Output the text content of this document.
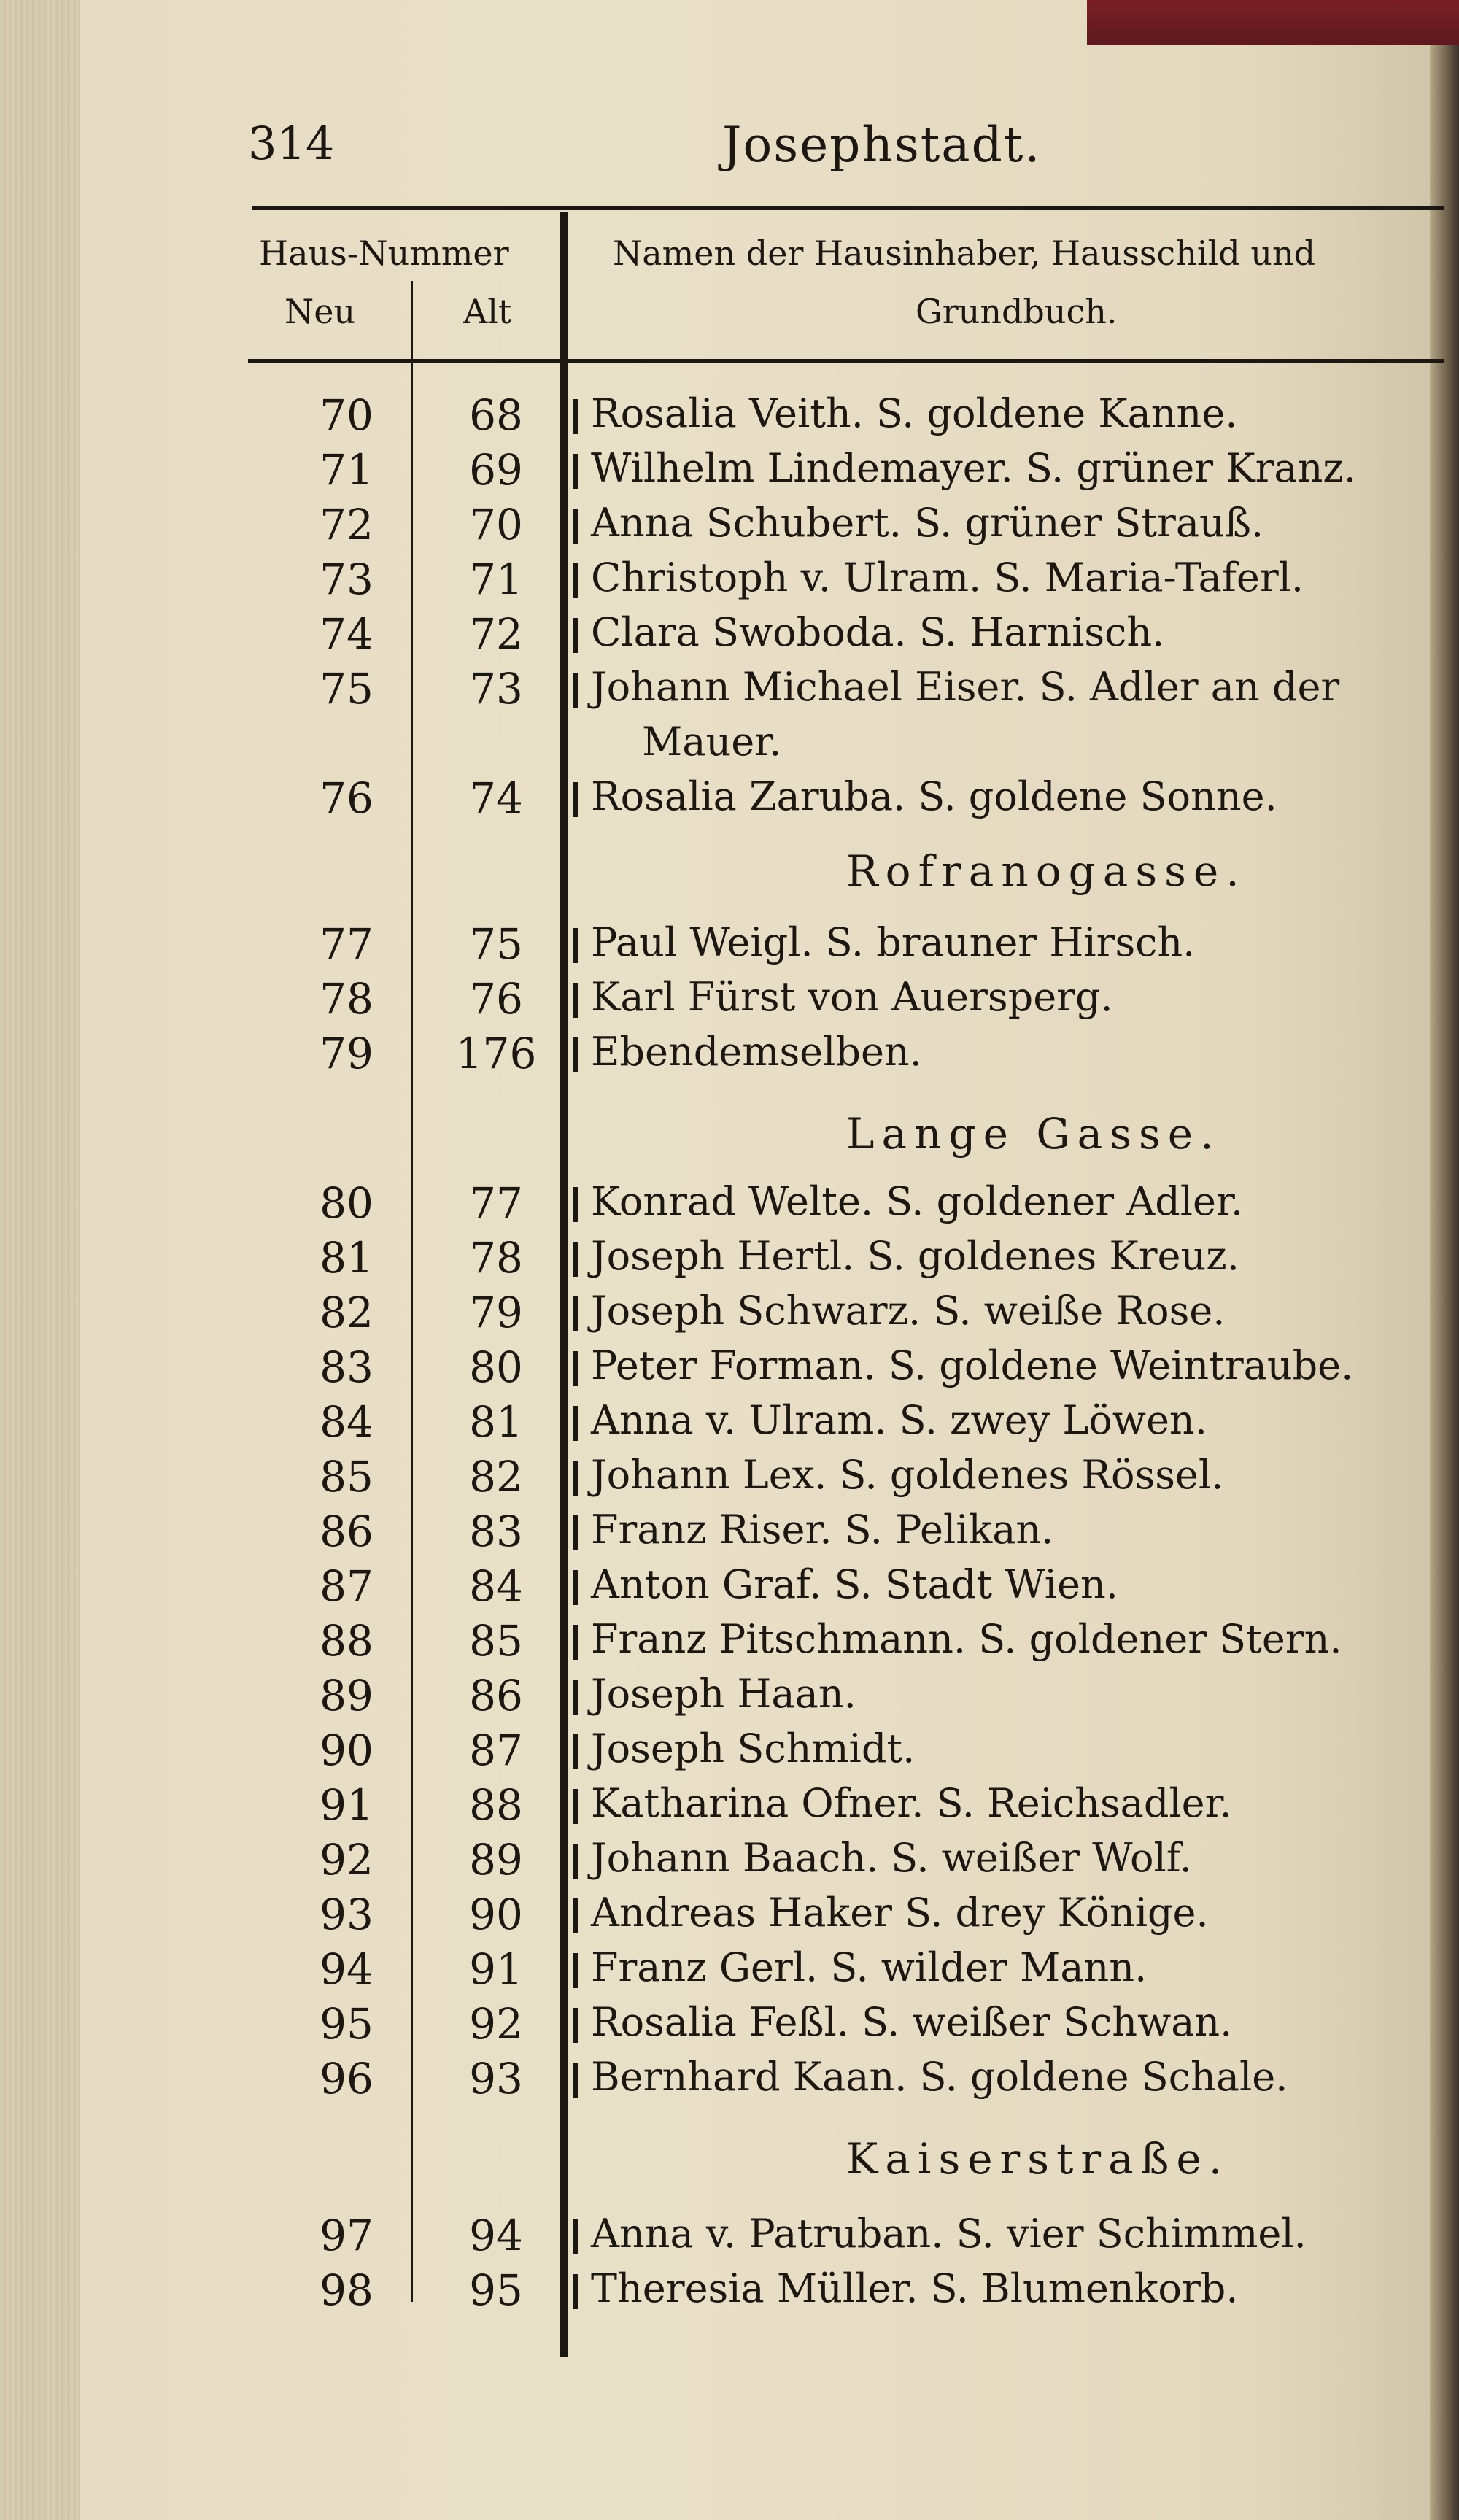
314	Josephstadt.
Haus-Nummer
Neu	Alt
Namen der Hausinhaber, Hausschild und
Grundbuch.
70	68	Rosalia Veith. S. goldene Kanne.
71	69	Wilhelm Lindemayer. S. grüner Kranz.
72	70	Anna Schubert. S. grüner Strauß.
73	71	Christoph v. Ulram. S. Maria-Taferl.
74	72	Clara Swoboda. S. Harnisch.
75	73	Johann Michael Eiser. S. Adler an der
Mauer.
76	74	Rosalia Zaruba. S. goldene Sonne.
Rofranogasse.
77	75	Paul Weigl. S. brauner Hirsch.
78	76	Karl Fürst von Auersperg.
79	176	Ebendemselben.
Lange Gasse.
80	77	Konrad Welte. S. goldener Adler.
81	78	Joseph Hertl. S. goldenes Kreuz.
82	79	Joseph Schwarz. S. weiße Rose.
83	80	Peter Forman. S. goldene Weintraube.
84	81	Anna v. Ulram. S. zwey Löwen.
85	82	Johann Lex. S. goldenes Rössel.
86	83	Franz Riser. S. Pelikan.
87	84	Anton Graf. S. Stadt Wien.
88	85	Franz Pitschmann. S. goldener Stern.
89	86	Joseph Haan.
90	87	Joseph Schmidt.
91	88	Katharina Ofner. S. Reichsadler.
92	89	Johann Baach. S. weißer Wolf.
93	90	Andreas Haker S. drey Könige.
94	91	Franz Gerl. S. wilder Mann.
95	92	Rosalia Feßl. S. weißer Schwan.
96	93	Bernhard Kaan. S. goldene Schale.
Kaiserstraße.
97	94	Anna v. Patruban. S. vier Schimmel.
98	95	Theresia Müller. S. Blumenkorb.
